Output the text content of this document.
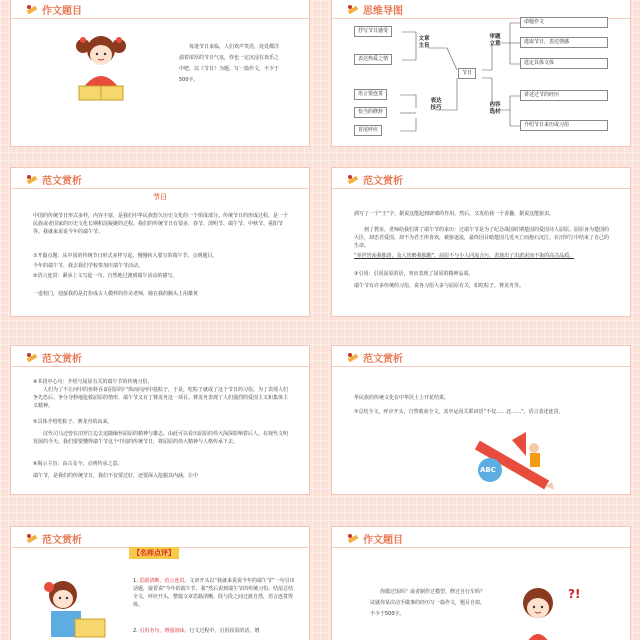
作文题目
每逢节日来临，人们欢声笑语，处处都洋溢着浓厚的节日气氛，你也一定沉浸在欢乐之中吧，以《节日》为题，写一篇作文，不少于500字。
思维导图
节日
文章主旨
抒写节日感受
表达热爱之情
表达技巧
语言要连贯
恰当的修辞
首尾呼应
审题立意
命题作文
选取节日，表达情感
选定具体文体
内容选材
讲述过节的经历
介绍节日来历或习俗
范文赏析
节日
中国的传统节日形式多样，内容丰富，是我们中华民族悠久历史文化的一个组成部分。传统节日的形成过程，是一个民族或者国家的历史文化长期积淀凝聚的过程。我们的传统节日有很多，春节、清明节、端午节、中秋节、重阳节等。我就来说说今年的端午节。
①开篇点题：从中国的传统节日形式多样写起，慢慢转入要写的端午节，点明题目。
今年的端午节，我去我们学校参加庆端午节活动。
②语言连贯：紧承上文写起一句，自然地过渡到端午活动的描写。
一进校门，迎接我的是打扮成古人模样的佳美老师，她在我的额头上用雄黄
范文赏析
酒写了一个“王”字，据说这能起到辟邪的作用。然后，又发给我一个香囊，据说这能驱虫。
到了教室，老师给我们讲了端午节的来历：过端午节是为了纪念战国时期楚国的爱国诗人屈原。屈原身为楚国的大臣，却忠君爱国，却不为君王所喜欢，被驱逐流，最终因目睹楚国几近灭亡而抱石沉江。在汨罗江中结束了自己的生命。
“举世皆浊我独清，众人皆醉我独醒”，屈原不与小人同流合污，表现出了出淤泥而不染的高洁品质。
③引用：引用屈原的话，突出表现了屈原的精神品质。
端午节有许多传统的习俗，说各习俗大多与屈原有关，如吃粽子，赛龙舟等。
范文赏析
④本段中心句：介绍与屈原有关的端午节的传统习俗。
人们为了不让河中的鱼虾吞食屈原的尸体而向河中投粽子，于是，吃粽子就成了这个节日的习俗。为了表现人们争先恐后、争分夺秒地抢救屈原的情形，端午节又有了赛龙舟这一项目。赛龙舟表现了人们强烈的爱国主义和集体主义精神。
⑤具体介绍吃粽子、赛龙舟的由来。
汉代司马迁曾在汨罗江边去追随缅怀屈原的精神与雄志，由此可以看出屈原的伟大深深影响着后人。在现代文明发展的今天，我们要要懂得端午节这个中国的传统节日，将屈原的伟大精神与人格传承下去。
⑥揭示主旨：由古及今，点明传承之意。
端午节，是我们的传统节日，我们不仅要过好，还要深入挖掘其内涵，让中
范文赏析
华民族的传统文化在中华沃土上开花结果。
⑦总结全文，呼应开头，自然收束全文，其中运用关联词语“不仅……还……”，语言表述连贯。
ABC
范文赏析
【名师点评】
1. 思路清晰，语言连贯。文章开头以“我就来说说今年的端午节”一句引出话题，接着说“今年的端午节，我”然后说到端午节的传统习俗，结尾总结全文，呼应开头，整篇文章思路清晰，段与段之间过渡自然，语言连贯得体。
2. 引用名句，增强韵味。行文过程中，引用屈原的话，增
作文题目
你做过饭吗？或者制作过模型、修过自行车吗？试就你某次动手做事的经历写一篇作文，题目自拟，不少于500字。
?!
